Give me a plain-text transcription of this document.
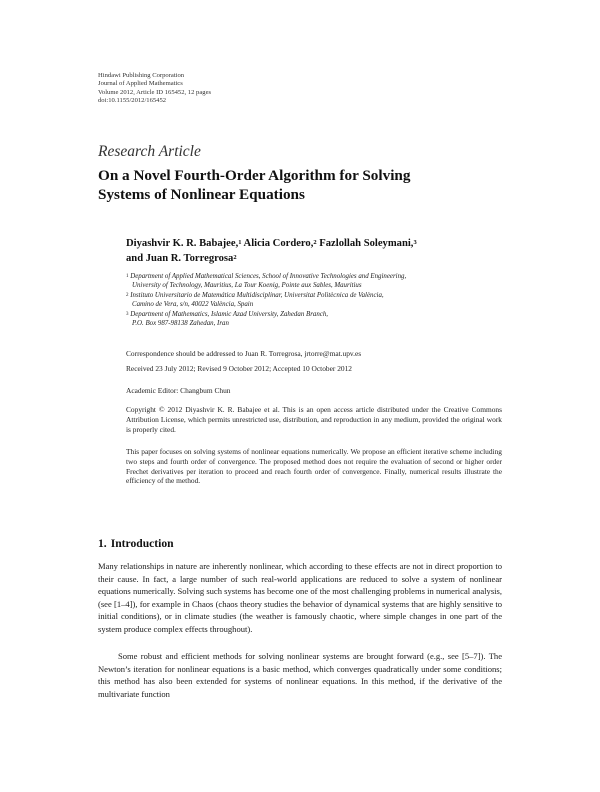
Hindawi Publishing Corporation
Journal of Applied Mathematics
Volume 2012, Article ID 165452, 12 pages
doi:10.1155/2012/165452
Research Article
On a Novel Fourth-Order Algorithm for Solving
Systems of Nonlinear Equations
Diyashvir K. R. Babajee,$^1$ Alicia Cordero,$^2$ Fazlollah Soleymani,$^3$
and Juan R. Torregrosa$^2$
$^1$ Department of Applied Mathematical Sciences, School of Innovative Technologies and Engineering,
University of Technology, Mauritius, La Tour Koenig, Pointe aux Sables, Mauritius
$^2$ Instituto Universitario de Matemática Multidisciplinar, Universitat Politècnica de València,
Camino de Vera, s/n, 40022 València, Spain
$^3$ Department of Mathematics, Islamic Azad University, Zahedan Branch,
P.O. Box 987-98138 Zahedan, Iran
Correspondence should be addressed to Juan R. Torregrosa, jrtorre@mat.upv.es
Received 23 July 2012; Revised 9 October 2012; Accepted 10 October 2012
Academic Editor: Changbum Chun
Copyright © 2012 Diyashvir K. R. Babajee et al. This is an open access article distributed under the Creative Commons Attribution License, which permits unrestricted use, distribution, and reproduction in any medium, provided the original work is properly cited.
This paper focuses on solving systems of nonlinear equations numerically. We propose an efficient iterative scheme including two steps and fourth order of convergence. The proposed method does not require the evaluation of second or higher order Frechet derivatives per iteration to proceed and reach fourth order of convergence. Finally, numerical results illustrate the efficiency of the method.
1. Introduction
Many relationships in nature are inherently nonlinear, which according to these effects are not in direct proportion to their cause. In fact, a large number of such real-world applications are reduced to solve a system of nonlinear equations numerically. Solving such systems has become one of the most challenging problems in numerical analysis, (see [1–4]), for example in Chaos (chaos theory studies the behavior of dynamical systems that are highly sensitive to initial conditions), or in climate studies (the weather is famously chaotic, where simple changes in one part of the system produce complex effects throughout).
Some robust and efficient methods for solving nonlinear systems are brought forward (e.g., see [5–7]). The Newton’s iteration for nonlinear equations is a basic method, which converges quadratically under some conditions; this method has also been extended for systems of nonlinear equations. In this method, if the derivative of the multivariate function
